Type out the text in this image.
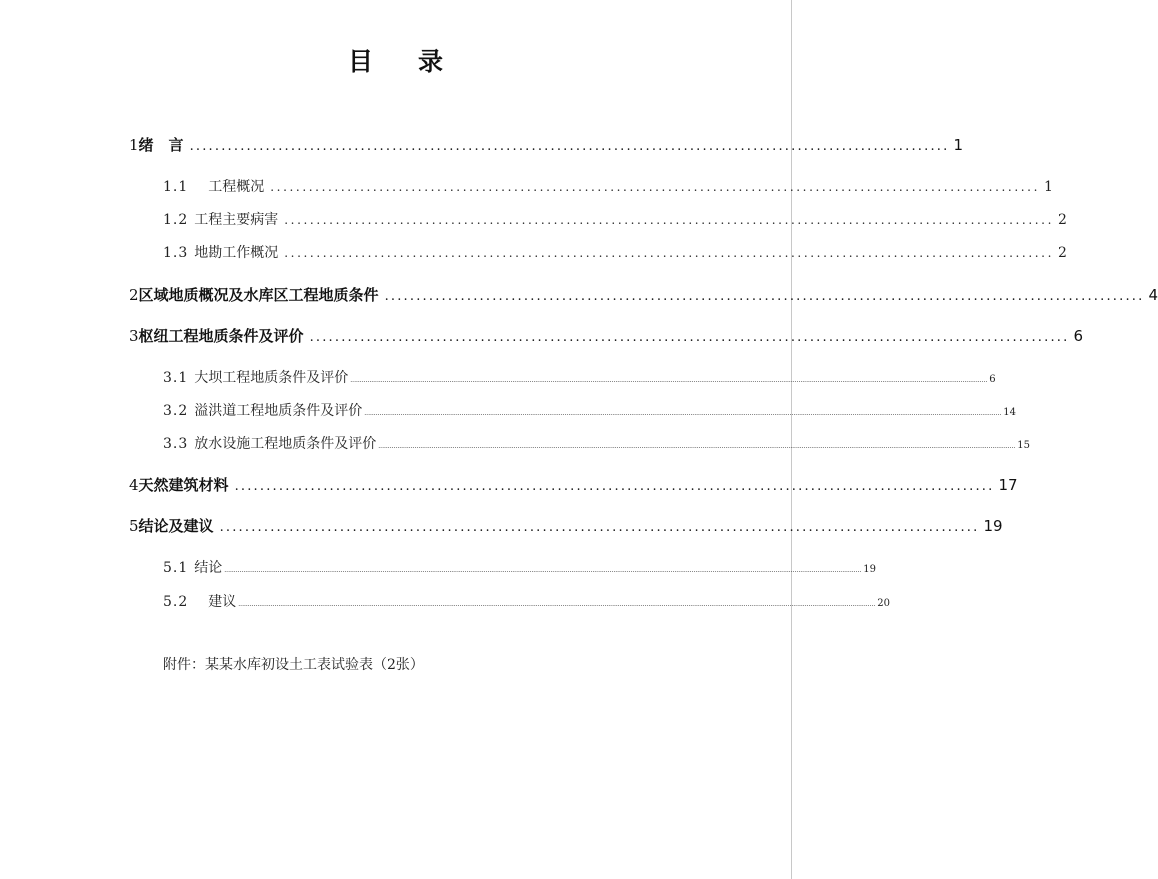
目 录
1 绪　言 ........................................................................................................................ 1
1.1 　工程概况 ........................................................................................................................ 1
1.2 工程主要病害 ........................................................................................................................ 2
1.3 地勘工作概况 ........................................................................................................................ 2
2 区域地质概况及水库区工程地质条件 ........................................................................................................................ 4
3 枢纽工程地质条件及评价 ........................................................................................................................ 6
3.1 大坝工程地质条件及评价 .............................................................................................................................................................................................................................................................................................................................................. 6
3.2 溢洪道工程地质条件及评价 .............................................................................................................................................................................................................................................................................................................................................. 14
3.3 放水设施工程地质条件及评价 .............................................................................................................................................................................................................................................................................................................................................. 15
4 天然建筑材料 ........................................................................................................................ 17
5 结论及建议 ........................................................................................................................ 19
5.1 结论 .............................................................................................................................................................................................................................................................................................................................................. 19
5.2 　建议 .............................................................................................................................................................................................................................................................................................................................................. 20
附件：某某水库初设土工表试验表（2张）
